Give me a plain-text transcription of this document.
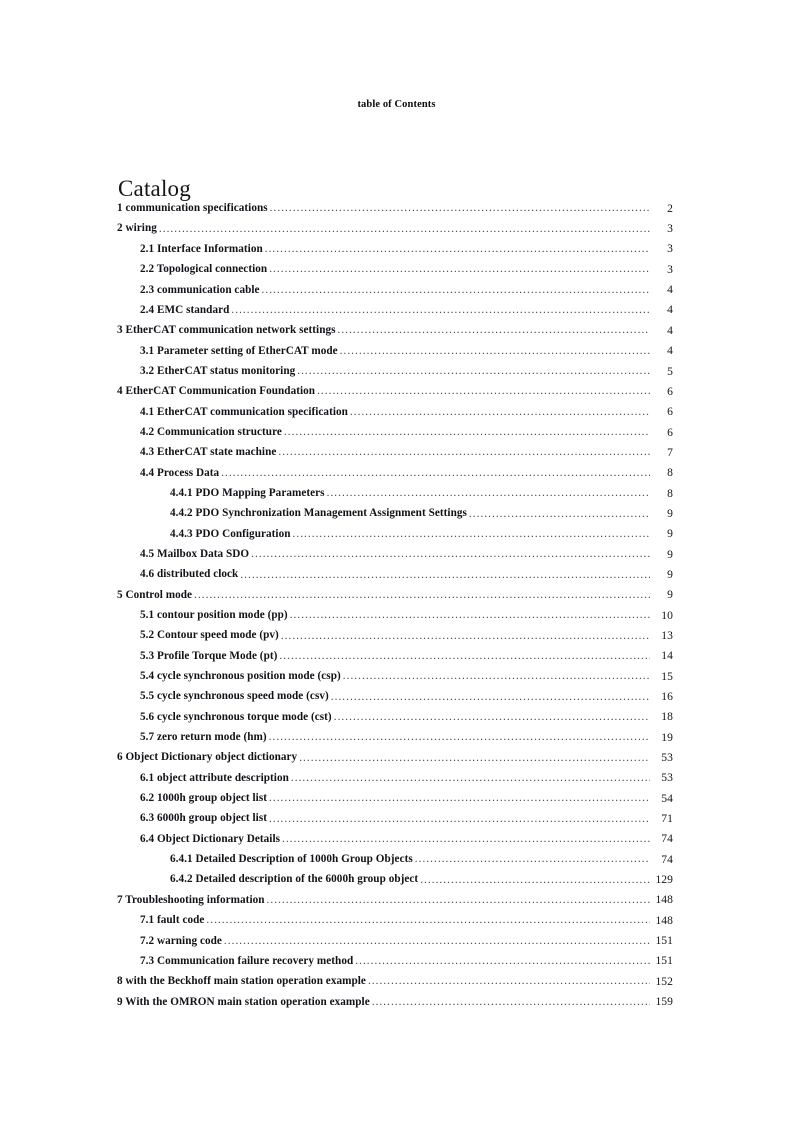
table of Contents
Catalog
1 communication specifications .....	2
2 wiring .....	3
2.1 Interface Information .....	3
2.2 Topological connection .....	3
2.3 communication cable .....	4
2.4 EMC standard .....	4
3 EtherCAT communication network settings .....	4
3.1 Parameter setting of EtherCAT mode .....	4
3.2 EtherCAT status monitoring .....	5
4 EtherCAT Communication Foundation .....	6
4.1 EtherCAT communication specification .....	6
4.2 Communication structure .....	6
4.3 EtherCAT state machine .....	7
4.4 Process Data .....	8
4.4.1 PDO Mapping Parameters .....	8
4.4.2 PDO Synchronization Management Assignment Settings .....	9
4.4.3 PDO Configuration .....	9
4.5 Mailbox Data SDO .....	9
4.6 distributed clock .....	9
5 Control mode .....	9
5.1 contour position mode (pp) .....	10
5.2 Contour speed mode (pv) .....	13
5.3 Profile Torque Mode (pt) .....	14
5.4 cycle synchronous position mode (csp) .....	15
5.5 cycle synchronous speed mode (csv) .....	16
5.6 cycle synchronous torque mode (cst) .....	18
5.7 zero return mode (hm) .....	19
6 Object Dictionary object dictionary .....	53
6.1 object attribute description .....	53
6.2 1000h group object list .....	54
6.3 6000h group object list .....	71
6.4 Object Dictionary Details .....	74
6.4.1 Detailed Description of 1000h Group Objects .....	74
6.4.2 Detailed description of the 6000h group object .....	129
7 Troubleshooting information .....	148
7.1 fault code .....	148
7.2 warning code .....	151
7.3 Communication failure recovery method .....	151
8 with the Beckhoff main station operation example .....	152
9 With the OMRON main station operation example .....	159
